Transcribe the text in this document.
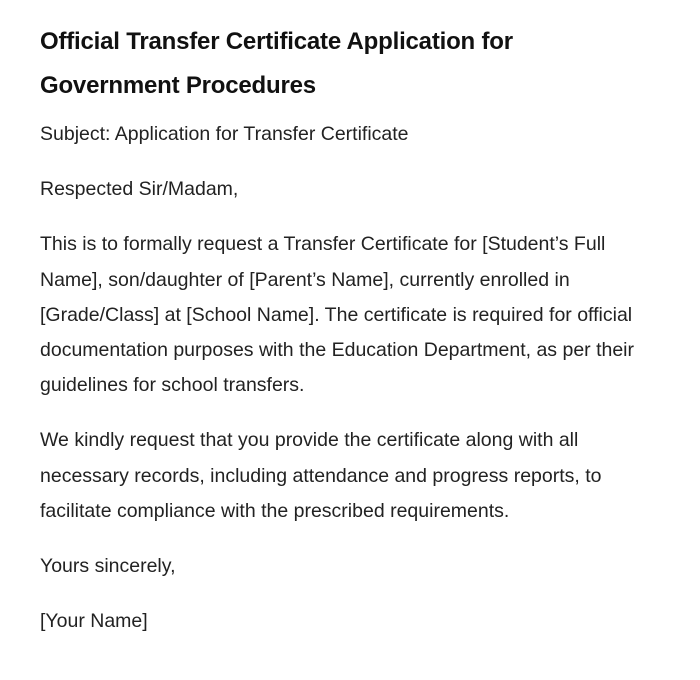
Official Transfer Certificate Application for Government Procedures

Subject: Application for Transfer Certificate

Respected Sir/Madam,

This is to formally request a Transfer Certificate for [Student’s Full Name], son/daughter of [Parent’s Name], currently enrolled in [Grade/Class] at [School Name]. The certificate is required for official documentation purposes with the Education Department, as per their guidelines for school transfers.

We kindly request that you provide the certificate along with all necessary records, including attendance and progress reports, to facilitate compliance with the prescribed requirements.

Yours sincerely,

[Your Name]
